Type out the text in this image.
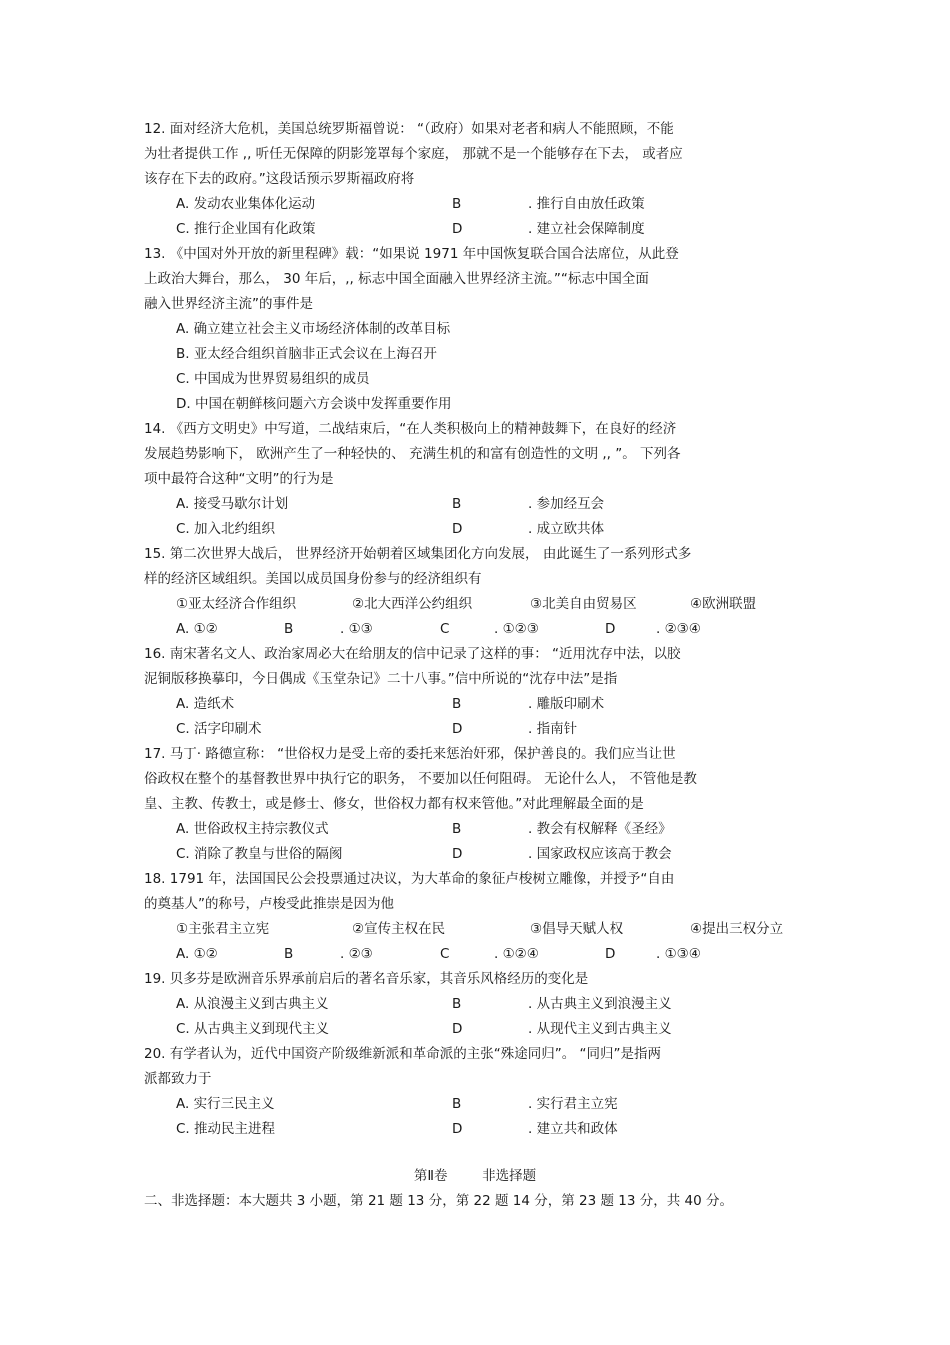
12. 面对经济大危机，美国总统罗斯福曾说： “（政府）如果对老者和病人不能照顾，不能
为壮者提供工作 ,, 听任无保障的阴影笼罩每个家庭， 那就不是一个能够存在下去， 或者应
该存在下去的政府。”这段话预示罗斯福政府将
A. 发动农业集体化运动	B	. 推行自由放任政策
C. 推行企业国有化政策	D	. 建立社会保障制度
13. 《中国对外开放的新里程碑》载：“如果说 1971 年中国恢复联合国合法席位，从此登
上政治大舞台，那么， 30 年后，,, 标志中国全面融入世界经济主流。”“标志中国全面
融入世界经济主流”的事件是
A. 确立建立社会主义市场经济体制的改革目标
B. 亚太经合组织首脑非正式会议在上海召开
C. 中国成为世界贸易组织的成员
D. 中国在朝鲜核问题六方会谈中发挥重要作用
14. 《西方文明史》中写道，二战结束后，“在人类积极向上的精神鼓舞下，在良好的经济
发展趋势影响下， 欧洲产生了一种轻快的、 充满生机的和富有创造性的文明 ,, ”。 下列各
项中最符合这种“文明”的行为是
A. 接受马歇尔计划	B	. 参加经互会
C. 加入北约组织	D	. 成立欧共体
15. 第二次世界大战后， 世界经济开始朝着区域集团化方向发展， 由此诞生了一系列形式多
样的经济区域组织。美国以成员国身份参与的经济组织有
①亚太经济合作组织	②北大西洋公约组织	③北美自由贸易区	④欧洲联盟
A. ①②	B	. ①③	C	. ①②③	D	. ②③④
16. 南宋著名文人、政治家周必大在给朋友的信中记录了这样的事： “近用沈存中法，以胶
泥铜版移换摹印，今日偶成《玉堂杂记》二十八事。”信中所说的“沈存中法”是指
A. 造纸术	B	. 雕版印刷术
C. 活字印刷术	D	. 指南针
17. 马丁· 路德宣称： “世俗权力是受上帝的委托来惩治奸邪，保护善良的。我们应当让世
俗政权在整个的基督教世界中执行它的职务， 不要加以任何阻碍。 无论什么人， 不管他是教
皇、主教、传教士，或是修士、修女，世俗权力都有权来管他。”对此理解最全面的是
A. 世俗政权主持宗教仪式	B	. 教会有权解释《圣经》
C. 消除了教皇与世俗的隔阂	D	. 国家政权应该高于教会
18. 1791 年，法国国民公会投票通过决议，为大革命的象征卢梭树立雕像，并授予“自由
的奠基人”的称号，卢梭受此推崇是因为他
①主张君主立宪	②宣传主权在民	③倡导天赋人权	④提出三权分立
A. ①②	B	. ②③	C	. ①②④	D	. ①③④
19. 贝多芬是欧洲音乐界承前启后的著名音乐家，其音乐风格经历的变化是
A. 从浪漫主义到古典主义	B	. 从古典主义到浪漫主义
C. 从古典主义到现代主义	D	. 从现代主义到古典主义
20. 有学者认为，近代中国资产阶级维新派和革命派的主张“殊途同归”。 “同归”是指两
派都致力于
A. 实行三民主义	B	. 实行君主立宪
C. 推动民主进程	D	. 建立共和政体
第Ⅱ卷	非选择题
二、非选择题：本大题共 3 小题，第 21 题 13 分，第 22 题 14 分，第 23 题 13 分，共 40 分。
